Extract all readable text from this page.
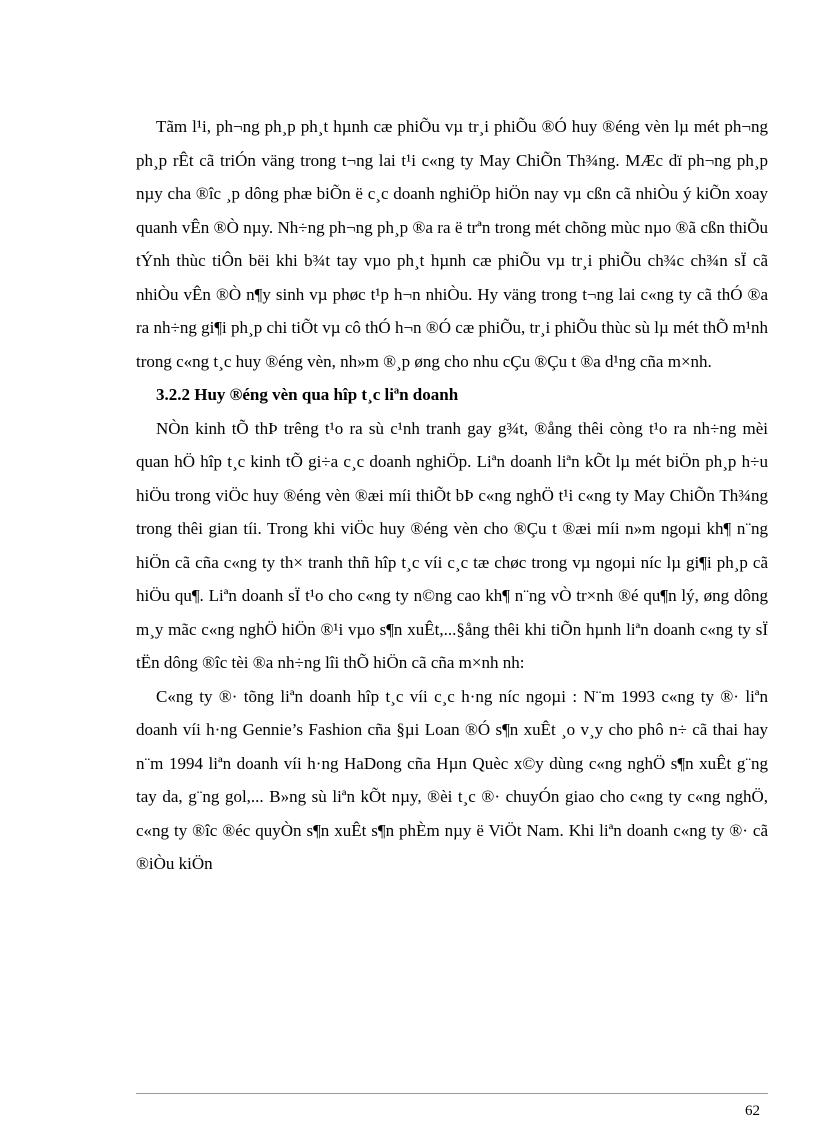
Tãm l¹i, ph¬ng ph¸p ph¸t hµnh cæ phiÕu vµ tr¸i phiÕu ®Ó huy ®éng vèn lµ mét ph¬ng ph¸p rÊt cã triÓn väng trong t¬ng lai t¹i c«ng ty May ChiÕn Th¾ng. MÆc dï ph¬ng ph¸p nµy cha ®îc ¸p dông phæ biÕn ë c¸c doanh nghiÖp hiÖn nay vµ cßn cã nhiÒu ý kiÕn xoay quanh vÊn ®Ò nµy. Nh÷ng ph¬ng ph¸p ®a ra ë trªn trong mét chõng mùc nµo ®ã cßn thiÕu tÝnh thùc tiÔn bëi khi b¾t tay vµo ph¸t hµnh cæ phiÕu vµ tr¸i phiÕu ch¾c ch¾n sÏ cã nhiÒu vÊn ®Ò n¶y sinh vµ phøc t¹p h¬n nhiÒu. Hy väng trong t¬ng lai c«ng ty cã thÓ ®a ra nh÷ng gi¶i ph¸p chi tiÕt vµ cô thÓ h¬n ®Ó cæ phiÕu, tr¸i phiÕu thùc sù lµ mét thÕ m¹nh trong c«ng t¸c huy ®éng vèn, nh»m ®¸p øng cho nhu cÇu ®Çu t ®a d¹ng cña m×nh.

3.2.2 Huy ®éng vèn qua hîp t¸c liªn doanh

NÒn kinh tÕ thÞ trêng t¹o ra sù c¹nh tranh gay g¾t, ®ång thêi còng t¹o ra nh÷ng mèi quan hÖ hîp t¸c kinh tÕ gi÷a c¸c doanh nghiÖp. Liªn doanh liªn kÕt lµ mét biÖn ph¸p h÷u hiÖu trong viÖc huy ®éng vèn ®æi míi thiÕt bÞ c«ng nghÖ t¹i c«ng ty May ChiÕn Th¾ng trong thêi gian tíi. Trong khi viÖc huy ®éng vèn cho ®Çu t ®æi míi n»m ngoµi kh¶ n¨ng hiÖn cã cña c«ng ty th× tranh thñ hîp t¸c víi c¸c tæ chøc trong vµ ngoµi níc lµ gi¶i ph¸p cã hiÖu qu¶. Liªn doanh sÏ t¹o cho c«ng ty n©ng cao kh¶ n¨ng vÒ tr×nh ®é qu¶n lý, øng dông m¸y mãc c«ng nghÖ hiÖn ®¹i vµo s¶n xuÊt,...§ång thêi khi tiÕn hµnh liªn doanh c«ng ty sÏ tËn dông ®îc tèi ®a nh÷ng lîi thÕ hiÖn cã cña m×nh nh:

C«ng ty ®· tõng liªn doanh hîp t¸c víi c¸c h·ng níc ngoµi : N¨m 1993 c«ng ty ®· liªn doanh víi h·ng Gennie’s Fashion cña §µi Loan ®Ó s¶n xuÊt ¸o v¸y cho phô n÷ cã thai hay n¨m 1994 liªn doanh víi h·ng HaDong cña Hµn Quèc x©y dùng c«ng nghÖ s¶n xuÊt g¨ng tay da, g¨ng gol,... B»ng sù liªn kÕt nµy, ®èi t¸c ®· chuyÓn giao cho c«ng ty c«ng nghÖ, c«ng ty ®îc ®éc quyÒn s¶n xuÊt s¶n phÈm nµy ë ViÖt Nam. Khi liªn doanh c«ng ty ®· cã ®iÒu kiÖn

62
